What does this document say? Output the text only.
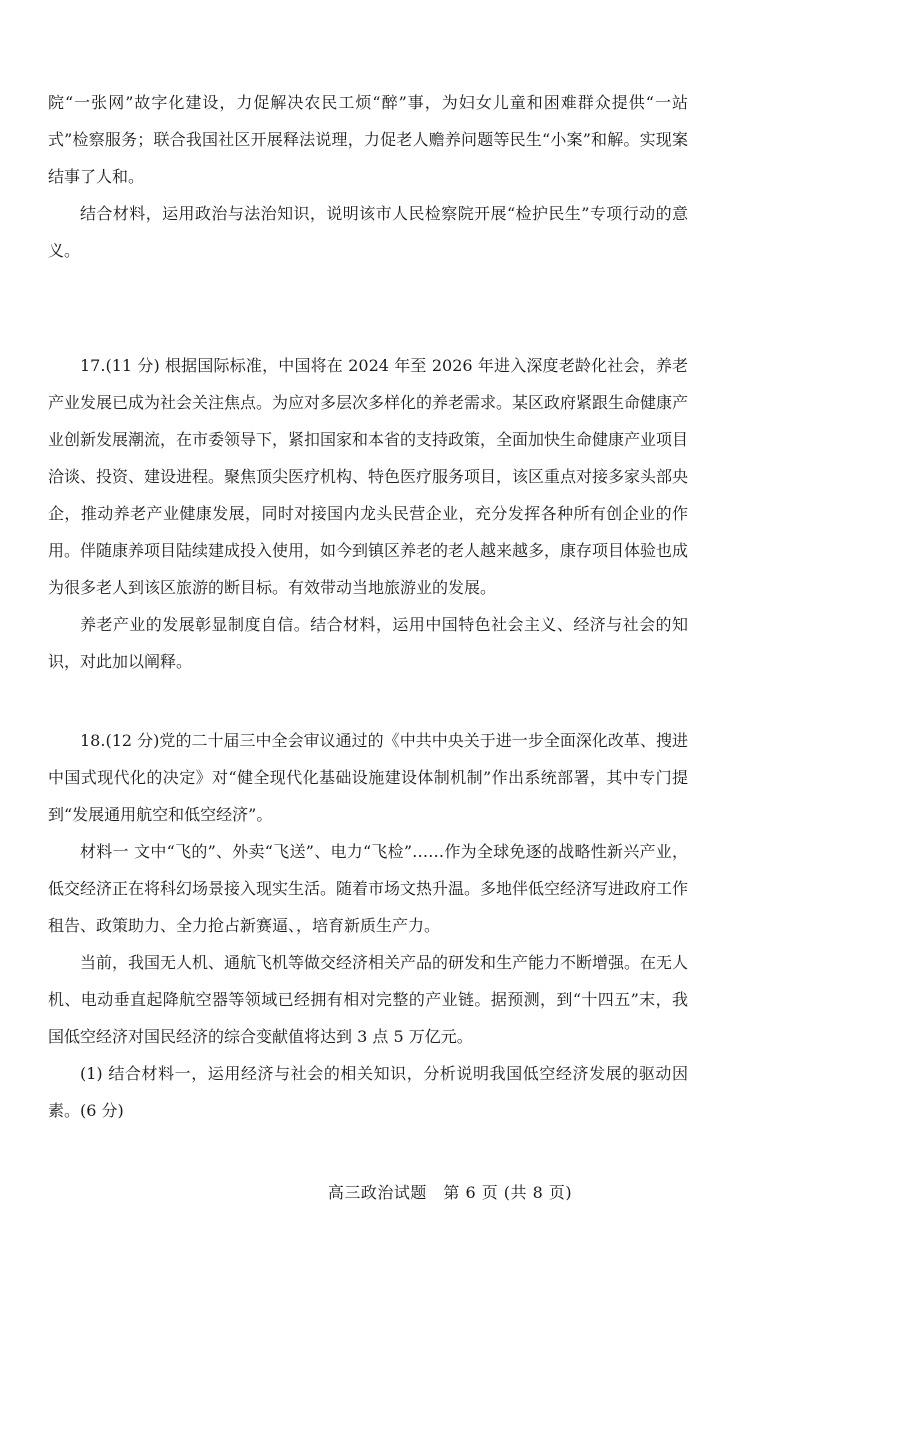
院“一张网”故字化建设，力促解决农民工烦“醉”事，为妇女儿童和困难群众提供“一站式”检察服务；联合我国社区开展释法说理，力促老人赡养问题等民生“小案”和解。实现案结事了人和。

结合材料，运用政治与法治知识，说明该市人民检察院开展“检护民生”专项行动的意义。

17.(11 分) 根据国际标准，中国将在 2024 年至 2026 年进入深度老龄化社会，养老产业发展已成为社会关注焦点。为应对多层次多样化的养老需求。某区政府紧跟生命健康产业创新发展潮流，在市委领导下，紧扣国家和本省的支持政策，全面加快生命健康产业项目洽谈、投资、建设进程。聚焦顶尖医疗机构、特色医疗服务项目，该区重点对接多家头部央企，推动养老产业健康发展，同时对接国内龙头民营企业，充分发挥各种所有创企业的作用。伴随康养项目陆续建成投入使用，如今到镇区养老的老人越来越多，康存项目体验也成为很多老人到该区旅游的断目标。有效带动当地旅游业的发展。

养老产业的发展彰显制度自信。结合材料，运用中国特色社会主义、经济与社会的知识，对此加以阐释。

18.(12 分)党的二十届三中全会审议通过的《中共中央关于进一步全面深化改革、搜进中国式现代化的决定》对“健全现代化基础设施建设体制机制”作出系统部署，其中专门提到“发展通用航空和低空经济”。

材料一 文中“飞的”、外卖“飞送”、电力“飞检”……作为全球免逐的战略性新兴产业，低交经济正在将科幻场景接入现实生活。随着市场文热升温。多地伴低空经济写进政府工作租告、政策助力、全力抢占新赛逼、，培育新质生产力。

当前，我国无人机、通航飞机等做交经济相关产品的研发和生产能力不断增强。在无人机、电动垂直起降航空器等领域已经拥有相对完整的产业链。据预测，到“十四五”末，我国低空经济对国民经济的综合变献值将达到 3 点 5 万亿元。

(1) 结合材料一，运用经济与社会的相关知识，分析说明我国低空经济发展的驱动因素。(6 分)

高三政治试题　第 6 页 (共 8 页)
